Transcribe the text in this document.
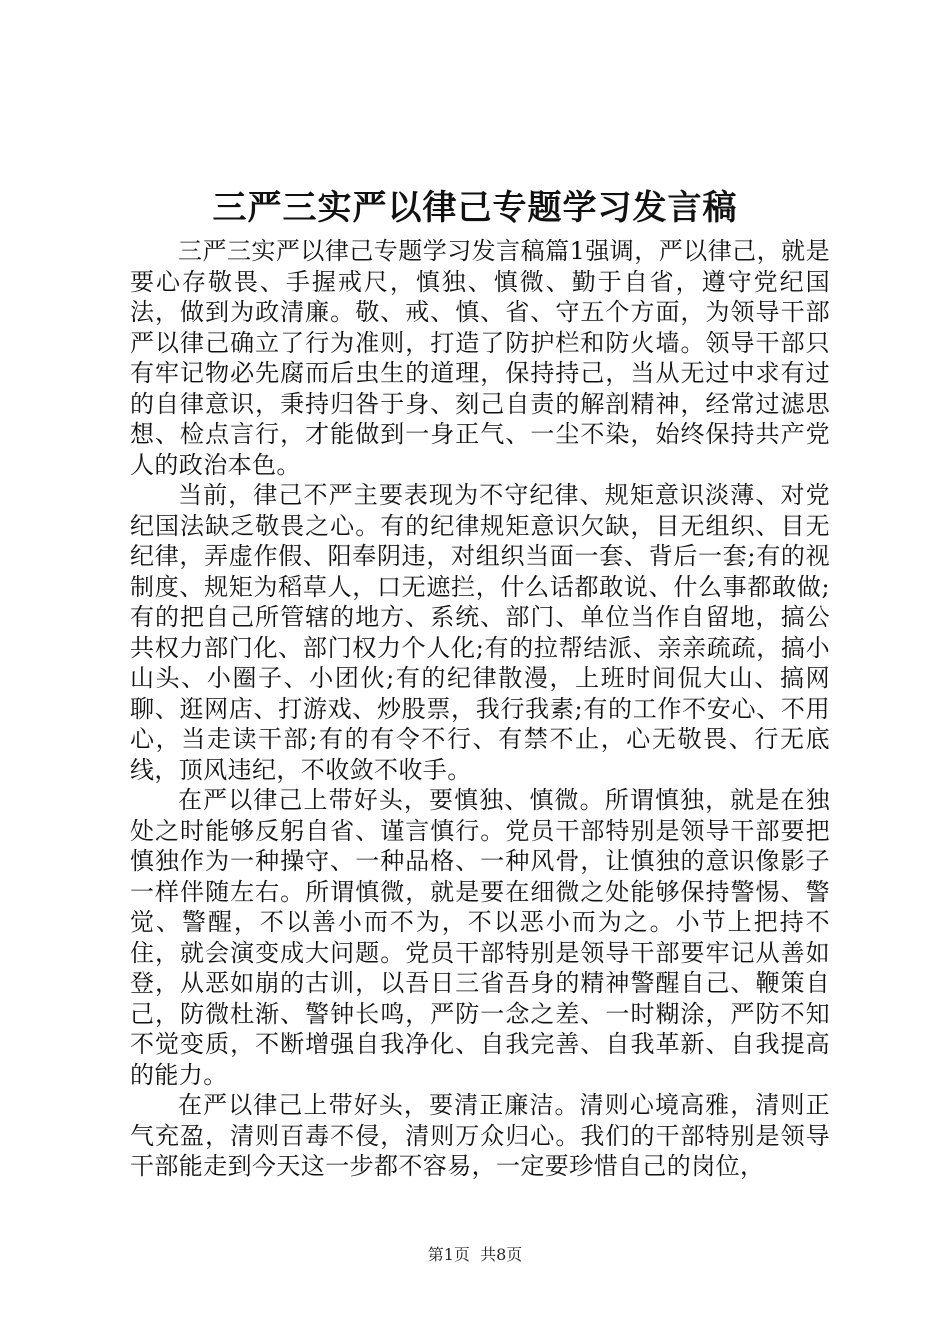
三严三实严以律己专题学习发言稿

三严三实严以律己专题学习发言稿篇1强调，严以律己，就是要心存敬畏、手握戒尺，慎独、慎微、勤于自省，遵守党纪国法，做到为政清廉。敬、戒、慎、省、守五个方面，为领导干部严以律己确立了行为准则，打造了防护栏和防火墙。领导干部只有牢记物必先腐而后虫生的道理，保持持己，当从无过中求有过的自律意识，秉持归咎于身、刻己自责的解剖精神，经常过滤思想、检点言行，才能做到一身正气、一尘不染，始终保持共产党人的政治本色。

当前，律己不严主要表现为不守纪律、规矩意识淡薄、对党纪国法缺乏敬畏之心。有的纪律规矩意识欠缺，目无组织、目无纪律，弄虚作假、阳奉阴违，对组织当面一套、背后一套;有的视制度、规矩为稻草人，口无遮拦，什么话都敢说、什么事都敢做;有的把自己所管辖的地方、系统、部门、单位当作自留地，搞公共权力部门化、部门权力个人化;有的拉帮结派、亲亲疏疏，搞小山头、小圈子、小团伙;有的纪律散漫，上班时间侃大山、搞网聊、逛网店、打游戏、炒股票，我行我素;有的工作不安心、不用心，当走读干部;有的有令不行、有禁不止，心无敬畏、行无底线，顶风违纪，不收敛不收手。

在严以律己上带好头，要慎独、慎微。所谓慎独，就是在独处之时能够反躬自省、谨言慎行。党员干部特别是领导干部要把慎独作为一种操守、一种品格、一种风骨，让慎独的意识像影子一样伴随左右。所谓慎微，就是要在细微之处能够保持警惕、警觉、警醒，不以善小而不为，不以恶小而为之。小节上把持不住，就会演变成大问题。党员干部特别是领导干部要牢记从善如登，从恶如崩的古训，以吾日三省吾身的精神警醒自己、鞭策自己，防微杜渐、警钟长鸣，严防一念之差、一时糊涂，严防不知不觉变质，不断增强自我净化、自我完善、自我革新、自我提高的能力。

在严以律己上带好头，要清正廉洁。清则心境高雅，清则正气充盈，清则百毒不侵，清则万众归心。我们的干部特别是领导干部能走到今天这一步都不容易，一定要珍惜自己的岗位，

第1页 共8页
